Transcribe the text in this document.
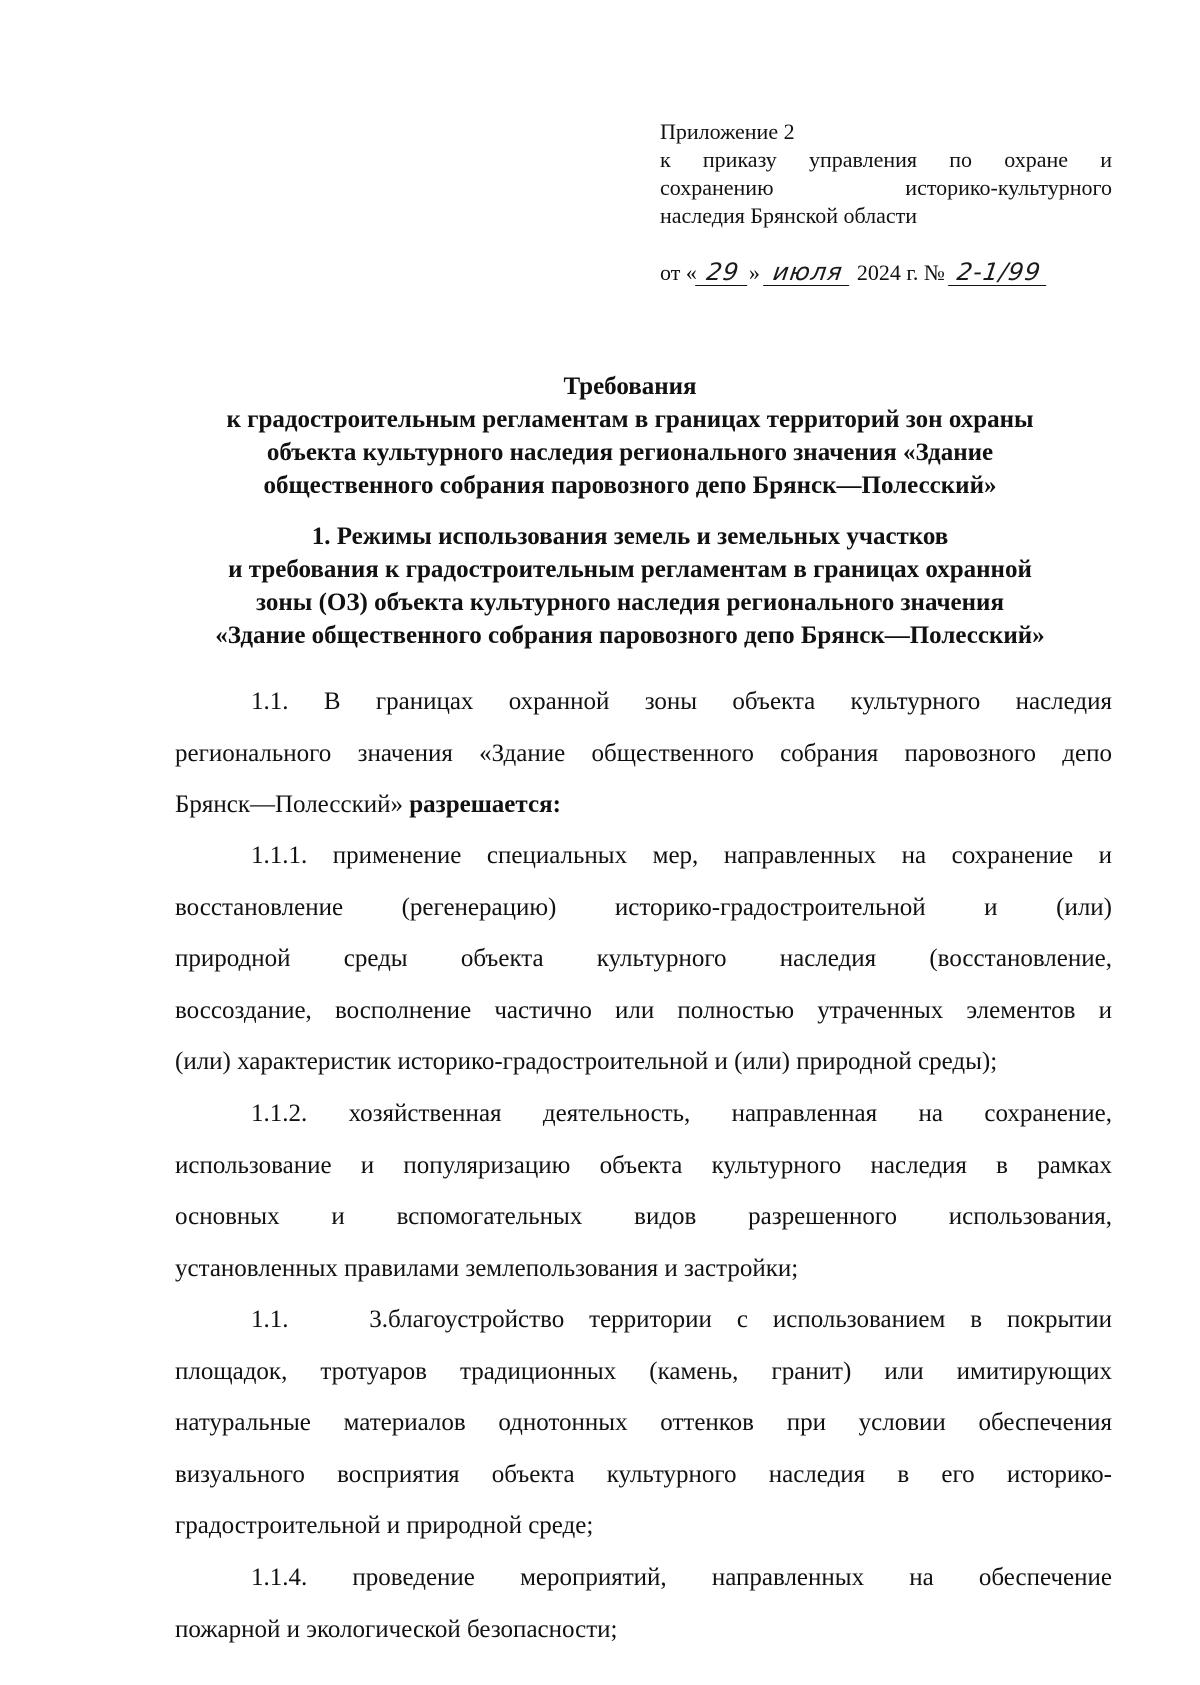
Приложение 2
к приказу управления по охране и
сохранению историко-культурного
наследия Брянской области
от « 29 » июля 2024 г. № 2-1/99
Требования
к градостроительным регламентам в границах территорий зон охраны
объекта культурного наследия регионального значения «Здание
общественного собрания паровозного депо Брянск—Полесский»
1. Режимы использования земель и земельных участков
и требования к градостроительным регламентам в границах охранной
зоны (ОЗ) объекта культурного наследия регионального значения
«Здание общественного собрания паровозного депо Брянск—Полесский»
1.1. В границах охранной зоны объекта культурного наследия
регионального значения «Здание общественного собрания паровозного депо
Брянск—Полесский» разрешается:
1.1.1. применение специальных мер, направленных на сохранение и
восстановление (регенерацию) историко-градостроительной и (или)
природной среды объекта культурного наследия (восстановление,
воссоздание, восполнение частично или полностью утраченных элементов и
(или) характеристик историко-градостроительной и (или) природной среды);
1.1.2. хозяйственная деятельность, направленная на сохранение,
использование и популяризацию объекта культурного наследия в рамках
основных и вспомогательных видов разрешенного использования,
установленных правилами землепользования и застройки;
1.1. 3.благоустройство территории с использованием в покрытии
площадок, тротуаров традиционных (камень, гранит) или имитирующих
натуральные материалов однотонных оттенков при условии обеспечения
визуального восприятия объекта культурного наследия в его историко-
градостроительной и природной среде;
1.1.4. проведение мероприятий, направленных на обеспечение
пожарной и экологической безопасности;
